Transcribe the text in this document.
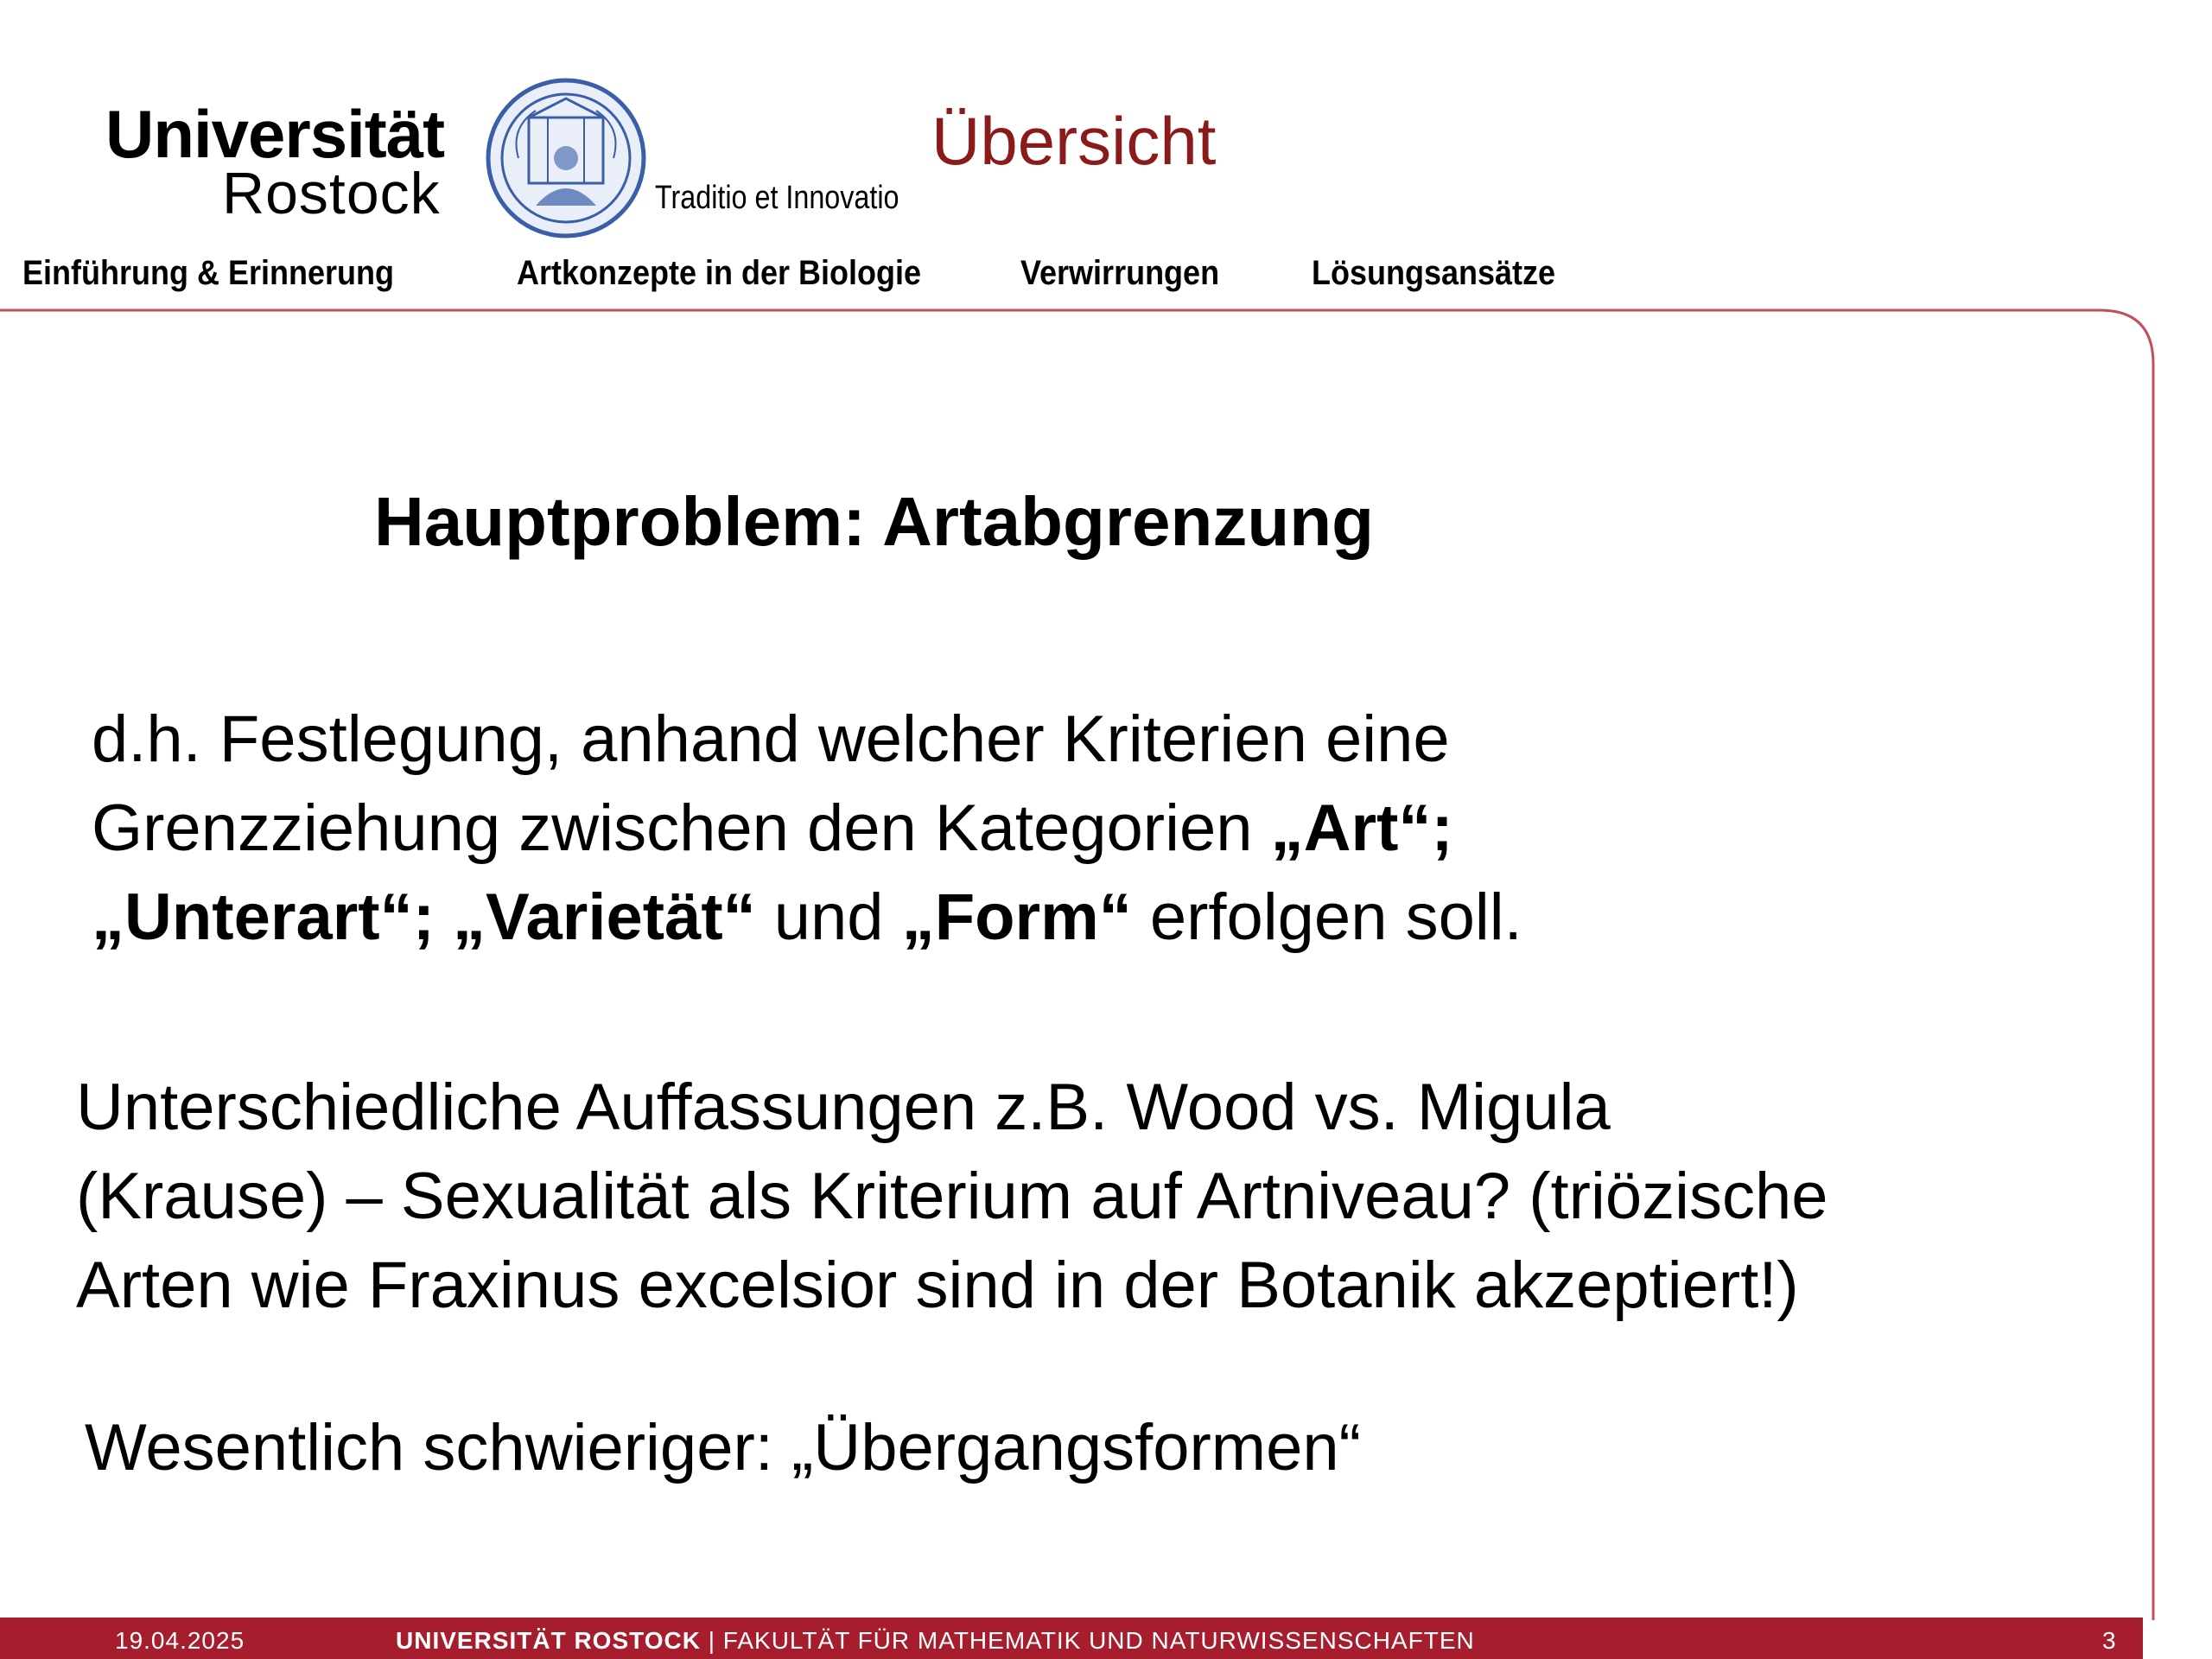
Universität
Rostock	Traditio et Innovatio
Übersicht
Einführung & Erinnerung	Artkonzepte in der Biologie	Verwirrungen	Lösungsansätze
Hauptproblem: Artabgrenzung
d.h. Festlegung, anhand welcher Kriterien eine
Grenzziehung zwischen den Kategorien „Art“;
„Unterart“; „Varietät“ und „Form“ erfolgen soll.
Unterschiedliche Auffassungen z.B. Wood vs. Migula
(Krause) – Sexualität als Kriterium auf Artniveau? (triözische
Arten wie Fraxinus excelsior sind in der Botanik akzeptiert!)
Wesentlich schwieriger: „Übergangsformen“
19.04.2025	UNIVERSITÄT ROSTOCK | FAKULTÄT FÜR MATHEMATIK UND NATURWISSENSCHAFTEN	3
